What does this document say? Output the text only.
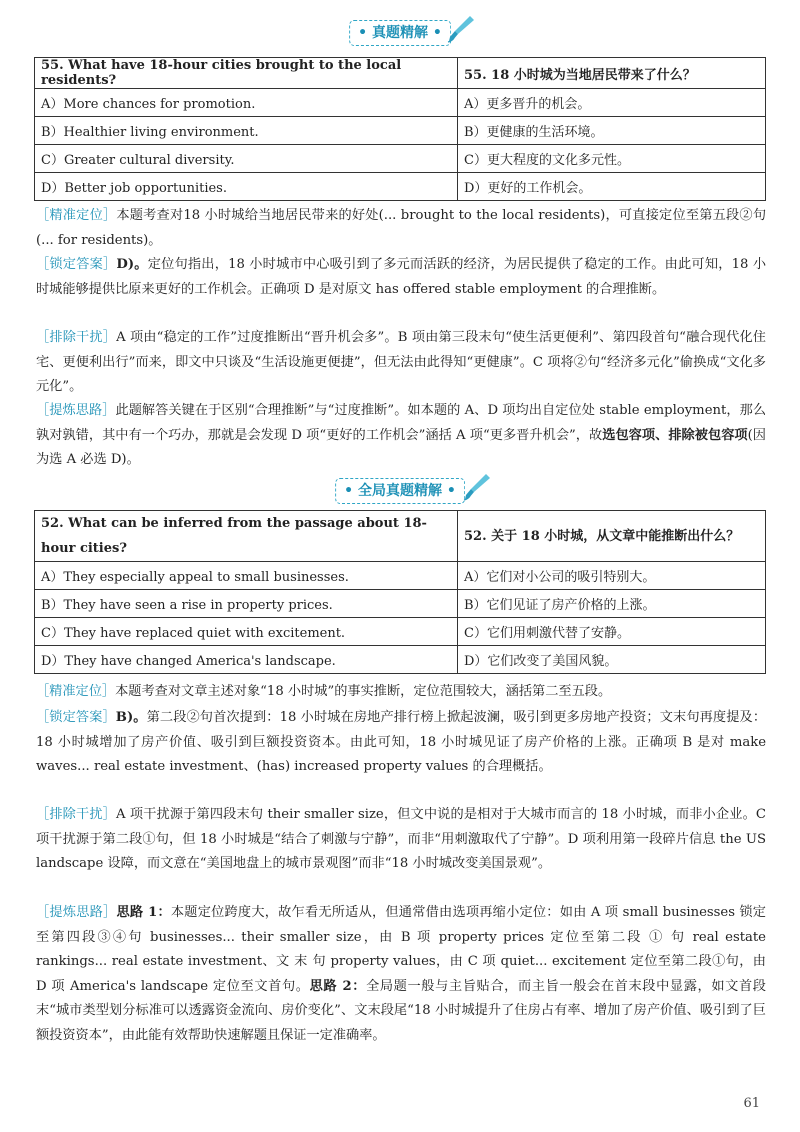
• 真题精解 •
55. What have 18-hour cities brought to the local residents?	55. 18 小时城为当地居民带来了什么？
A）More chances for promotion.	A）更多晋升的机会。
B）Healthier living environment.	B）更健康的生活环境。
C）Greater cultural diversity.	C）更大程度的文化多元性。
D）Better job opportunities.	D）更好的工作机会。
［精准定位］本题考查对18 小时城给当地居民带来的好处(... brought to the local residents)，可直接定位至第五段②句(... for residents)。
［锁定答案］D)。定位句指出，18 小时城市中心吸引到了多元而活跃的经济，为居民提供了稳定的工作。由此可知，18 小时城能够提供比原来更好的工作机会。正确项 D 是对原文 has offered stable employment 的合理推断。
［排除干扰］A 项由“稳定的工作”过度推断出“晋升机会多”。B 项由第三段末句“使生活更便利”、第四段首句“融合现代化住宅、更便利出行”而来，即文中只谈及“生活设施更便捷”，但无法由此得知“更健康”。C 项将②句“经济多元化”偷换成“文化多元化”。
［提炼思路］此题解答关键在于区别“合理推断”与“过度推断”。如本题的 A、D 项均出自定位处 stable employment，那么孰对孰错，其中有一个巧办，那就是会发现 D 项“更好的工作机会”涵括 A 项“更多晋升机会”，故选包容项、排除被包容项(因为选 A 必选 D)。
• 全局真题精解 •
52. What can be inferred from the passage about 18-hour cities?	52. 关于 18 小时城，从文章中能推断出什么？
A）They especially appeal to small businesses.	A）它们对小公司的吸引特别大。
B）They have seen a rise in property prices.	B）它们见证了房产价格的上涨。
C）They have replaced quiet with excitement.	C）它们用刺激代替了安静。
D）They have changed America's landscape.	D）它们改变了美国风貌。
［精准定位］本题考查对文章主述对象“18 小时城”的事实推断，定位范围较大，涵括第二至五段。
［锁定答案］B)。第二段②句首次提到：18 小时城在房地产排行榜上掀起波澜，吸引到更多房地产投资；文末句再度提及：18 小时城增加了房产价值、吸引到巨额投资资本。由此可知，18 小时城见证了房产价格的上涨。正确项 B 是对 make waves... real estate investment、(has) increased property values 的合理概括。
［排除干扰］A 项干扰源于第四段末句 their smaller size，但文中说的是相对于大城市而言的 18 小时城，而非小企业。C 项干扰源于第二段①句，但 18 小时城是“结合了刺激与宁静”，而非“用刺激取代了宁静”。D 项利用第一段碎片信息 the US landscape 设障，而文意在“美国地盘上的城市景观图”而非“18 小时城改变美国景观”。
［提炼思路］思路 1：本题定位跨度大，故乍看无所适从，但通常借由选项再缩小定位：如由 A 项 small businesses 锁定至第四段③④句 businesses... their smaller size，由 B 项 property prices 定位至第二段 ① 句 real estate rankings... real estate investment、文 末 句 property values，由 C 项 quiet... excitement 定位至第二段①句，由 D 项 America's landscape 定位至文首句。思路 2：全局题一般与主旨贴合，而主旨一般会在首末段中显露，如文首段末“城市类型划分标准可以透露资金流向、房价变化”、文末段尾“18 小时城提升了住房占有率、增加了房产价值、吸引到了巨额投资资本”，由此能有效帮助快速解题且保证一定准确率。
61
